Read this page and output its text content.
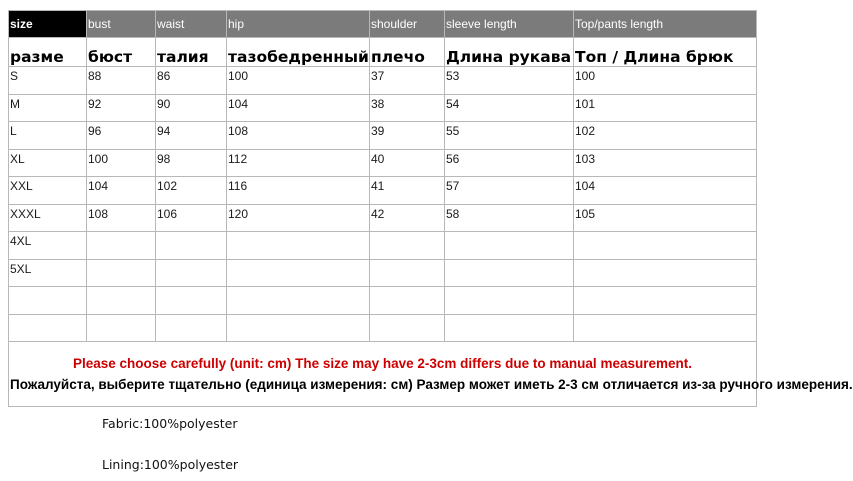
size	bust	waist	hip	shoulder	sleeve length	Top/pants length
разме	бюст	талия	тазобедренный	плечо	Длина рукава	Топ / Длина брюк
S	88	86	100	37	53	100
M	92	90	104	38	54	101
L	96	94	108	39	55	102
XL	100	98	112	40	56	103
XXL	104	102	116	41	57	104
XXXL	108	106	120	42	58	105
4XL						
5XL						

Please choose carefully (unit: cm) The size may have 2-3cm differs due to manual measurement.
Пожалуйста, выберите тщательно (единица измерения: см) Размер может иметь 2-3 см отличается из-за ручного измерения.						
Fabric:100%polyester
Lining:100%polyester
